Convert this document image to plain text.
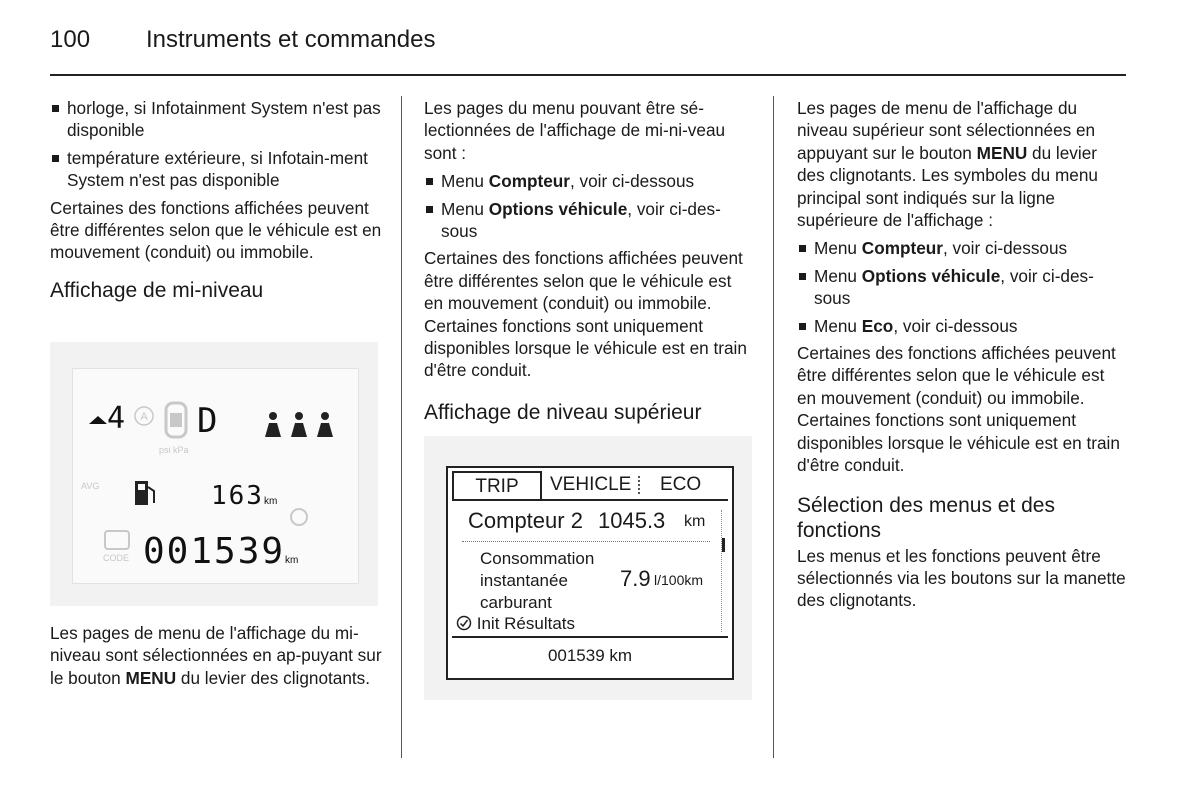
100 Instruments et commandes
horloge, si Infotainment System n'est pas disponible
température extérieure, si Infotain-ment System n'est pas disponible

Certaines des fonctions affichées peuvent être différentes selon que le véhicule est en mouvement (conduit) ou immobile.

Affichage de mi-niveau
4 A
psi kPa
D
AVG	163km
CODE 001539km

Les pages de menu de l'affichage du mi-niveau sont sélectionnées en ap-puyant sur le bouton MENU du levier des clignotants.

Les pages du menu pouvant être sé-lectionnées de l'affichage de mi-ni-veau sont :

Menu Compteur, voir ci-dessous
Menu Options véhicule, voir ci-des-sous

Certaines des fonctions affichées peuvent être différentes selon que le véhicule est en mouvement (conduit) ou immobile. Certaines fonctions sont uniquement disponibles lorsque le véhicule est en train d'être conduit.

Affichage de niveau supérieur
TRIP	VEHICLE ECO
Compteur 2 1045.3 km
Consommation
instantanée
carburant
7.9 l/100km
Init Résultats
001539 km

Les pages de menu de l'affichage du niveau supérieur sont sélectionnées en appuyant sur le bouton MENU du levier des clignotants. Les symboles du menu principal sont indiqués sur la ligne supérieure de l'affichage :

Menu Compteur, voir ci-dessous
Menu Options véhicule, voir ci-des-sous
Menu Eco, voir ci-dessous

Certaines des fonctions affichées peuvent être différentes selon que le véhicule est en mouvement (conduit) ou immobile. Certaines fonctions sont uniquement disponibles lorsque le véhicule est en train d'être conduit.

Sélection des menus et des fonctions

Les menus et les fonctions peuvent être sélectionnés via les boutons sur la manette des clignotants.
